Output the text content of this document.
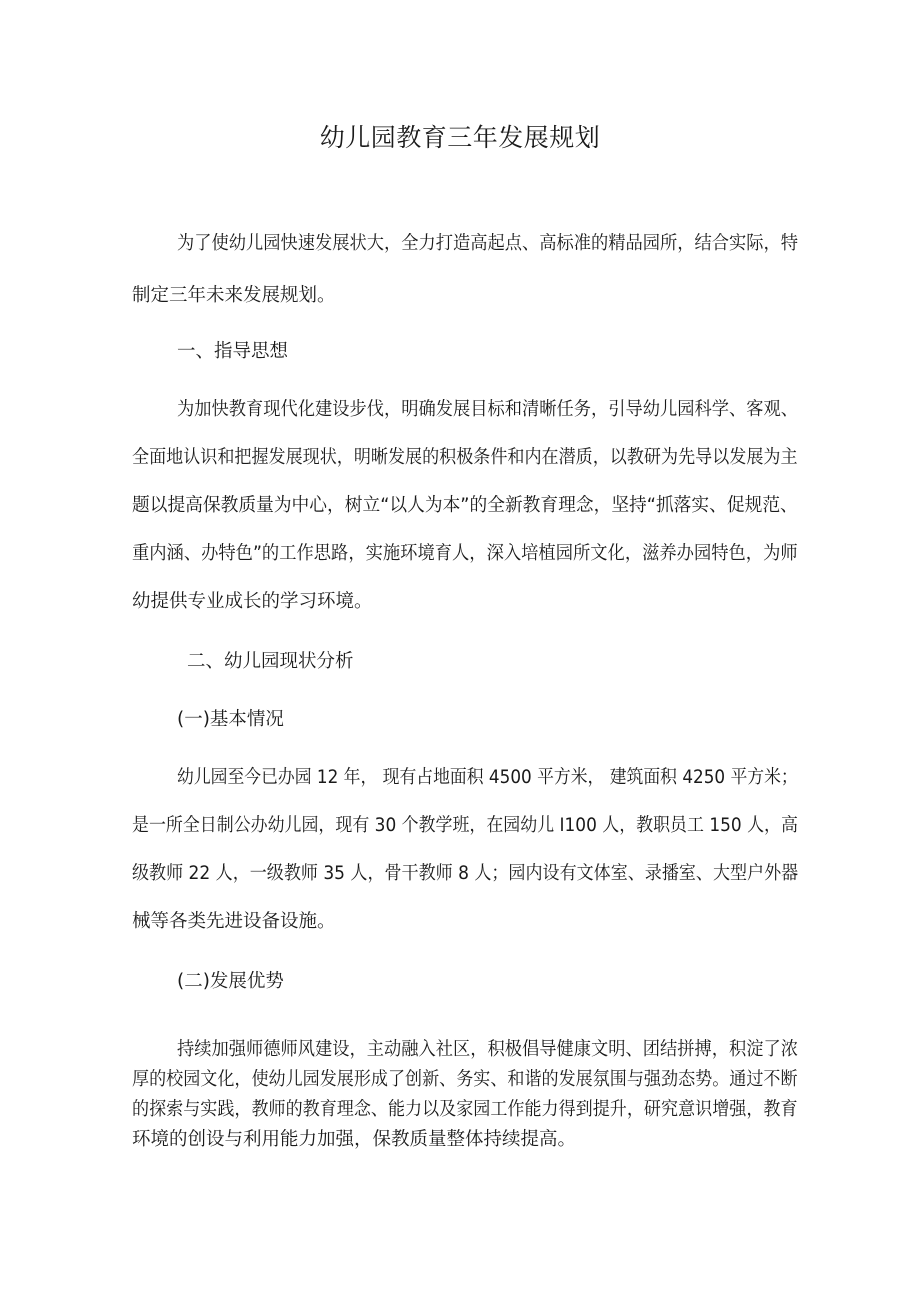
幼儿园教育三年发展规划
为了使幼儿园快速发展状大，全力打造高起点、高标准的精品园所，结合实际，特
制定三年未来发展规划。
一、指导思想
为加快教育现代化建设步伐，明确发展目标和清晰任务，引导幼儿园科学、客观、
全面地认识和把握发展现状，明晰发展的积极条件和内在潜质，以教研为先导以发展为主
题以提高保教质量为中心，树立“以人为本”的全新教育理念，坚持“抓落实、促规范、
重内涵、办特色”的工作思路，实施环境育人，深入培植园所文化，滋养办园特色，为师
幼提供专业成长的学习环境。
二、幼儿园现状分析
(一)基本情况
幼儿园至今已办园 12 年， 现有占地面积 4500 平方米， 建筑面积 4250 平方米；
是一所全日制公办幼儿园，现有 30 个教学班，在园幼儿 I100 人，教职员工 150 人，高
级教师 22 人，一级教师 35 人，骨干教师 8 人；园内设有文体室、录播室、大型户外器
械等各类先进设备设施。
(二)发展优势
持续加强师德师风建设，主动融入社区，积极倡导健康文明、团结拼搏，积淀了浓
厚的校园文化，使幼儿园发展形成了创新、务实、和谐的发展氛围与强劲态势。通过不断
的探索与实践，教师的教育理念、能力以及家园工作能力得到提升，研究意识增强，教育
环境的创设与利用能力加强，保教质量整体持续提高。
